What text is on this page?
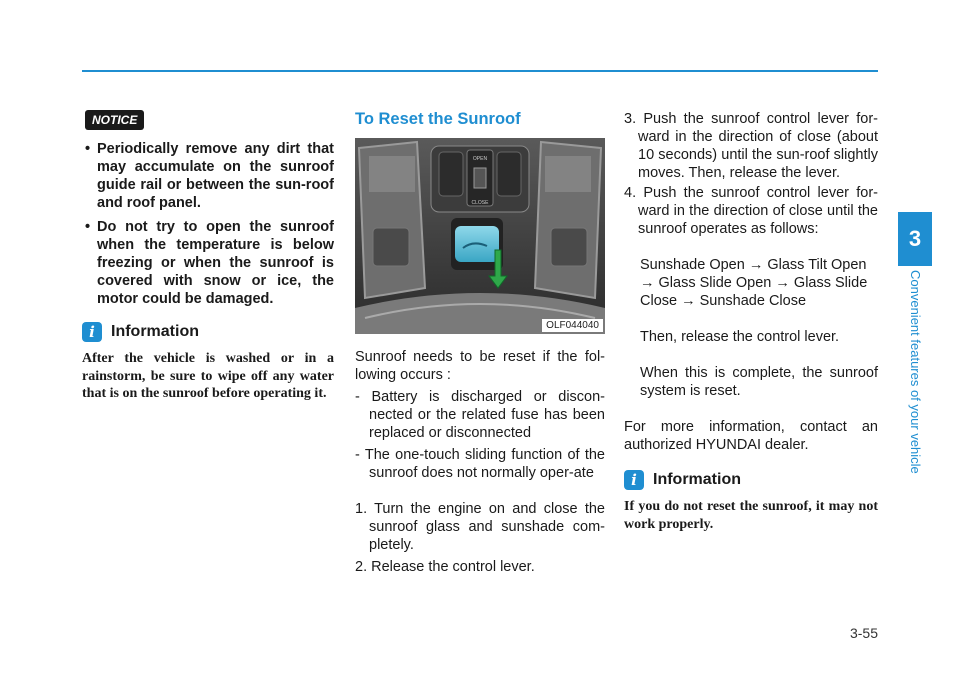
3
Convenient features of your vehicle
NOTICE
• Periodically remove any dirt that may accumulate on the sunroof guide rail or between the sun-roof and roof panel.
• Do not try to open the sunroof when the temperature is below freezing or when the sunroof is covered with snow or ice, the motor could be damaged.
i	Information
After the vehicle is washed or in a rainstorm, be sure to wipe off any water that is on the sunroof before operating it.
To Reset the Sunroof
OPEN
CLOSE
OLF044040

Sunroof needs to be reset if the fol-lowing occurs :

- Battery is discharged or discon-nected or the related fuse has been replaced or disconnected

- The one-touch sliding function of the sunroof does not normally oper-ate

1. Turn the engine on and close the sunroof glass and sunshade com-pletely.

2. Release the control lever.

3. Push the sunroof control lever for-ward in the direction of close (about 10 seconds) until the sun-roof slightly moves. Then, release the lever.

4. Push the sunroof control lever for-ward in the direction of close until the sunroof operates as follows:

Sunshade Open → Glass Tilt Open → Glass Slide Open → Glass Slide Close → Sunshade Close

Then, release the control lever.

When this is complete, the sunroof system is reset.

For more information, contact an authorized HYUNDAI dealer.

i	Information
If you do not reset the sunroof, it may not work properly.
3-55
